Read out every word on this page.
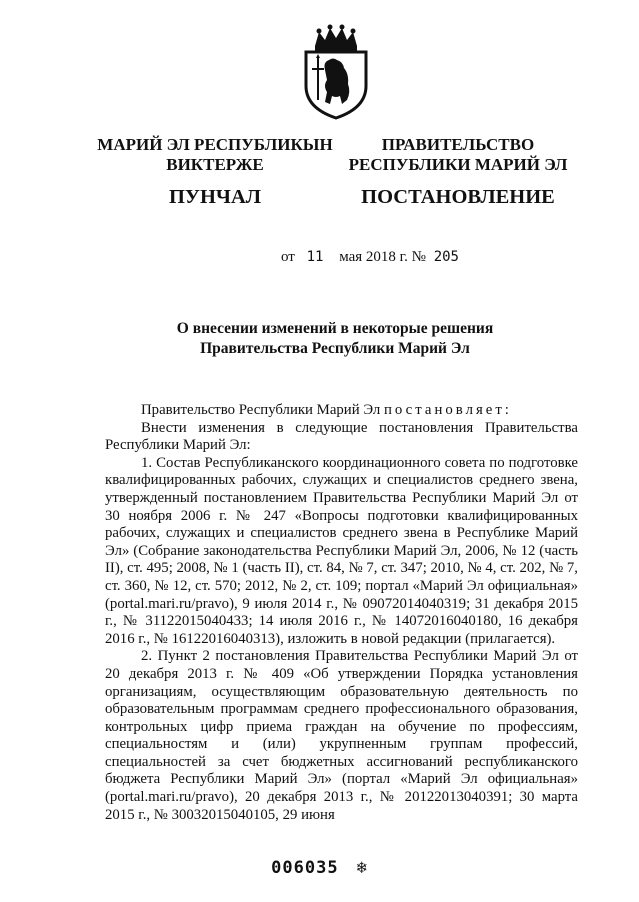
МАРИЙ ЭЛ РЕСПУБЛИКЫН
ВИКТЕРЖЕ
ПУНЧАЛ
ПРАВИТЕЛЬСТВО
РЕСПУБЛИКИ МАРИЙ ЭЛ
ПОСТАНОВЛЕНИЕ
от 11 мая 2018 г. № 205
О внесении изменений в некоторые решения
Правительства Республики Марий Эл

Правительство Республики Марий Эл постановляет:

Внести изменения в следующие постановления Правительства Республики Марий Эл:

1. Состав Республиканского координационного совета по подготовке квалифицированных рабочих, служащих и специалистов среднего звена, утвержденный постановлением Правительства Республики Марий Эл от 30 ноября 2006 г. № 247 «Вопросы подготовки квалифицированных рабочих, служащих и специалистов среднего звена в Республике Марий Эл» (Собрание законодательства Республики Марий Эл, 2006, № 12 (часть II), ст. 495; 2008, № 1 (часть II), ст. 84, № 7, ст. 347; 2010, № 4, ст. 202, № 7, ст. 360, № 12, ст. 570; 2012, № 2, ст. 109; портал «Марий Эл официальная» (portal.mari.ru/pravo), 9 июля 2014 г., № 09072014040319; 31 декабря 2015 г., № 31122015040433; 14 июля 2016 г., № 14072016040180, 16 декабря 2016 г., № 16122016040313), изложить в новой редакции (прилагается).

2. Пункт 2 постановления Правительства Республики Марий Эл от 20 декабря 2013 г. № 409 «Об утверждении Порядка установления организациям, осуществляющим образовательную деятельность по образовательным программам среднего профессионального образования, контрольных цифр приема граждан на обучение по профессиям, специальностям и (или) укрупненным группам профессий, специальностей за счет бюджетных ассигнований республиканского бюджета Республики Марий Эл» (портал «Марий Эл официальная» (portal.mari.ru/pravo), 20 декабря 2013 г., № 20122013040391; 30 марта 2015 г., № 30032015040105, 29 июня

006035 ❄
